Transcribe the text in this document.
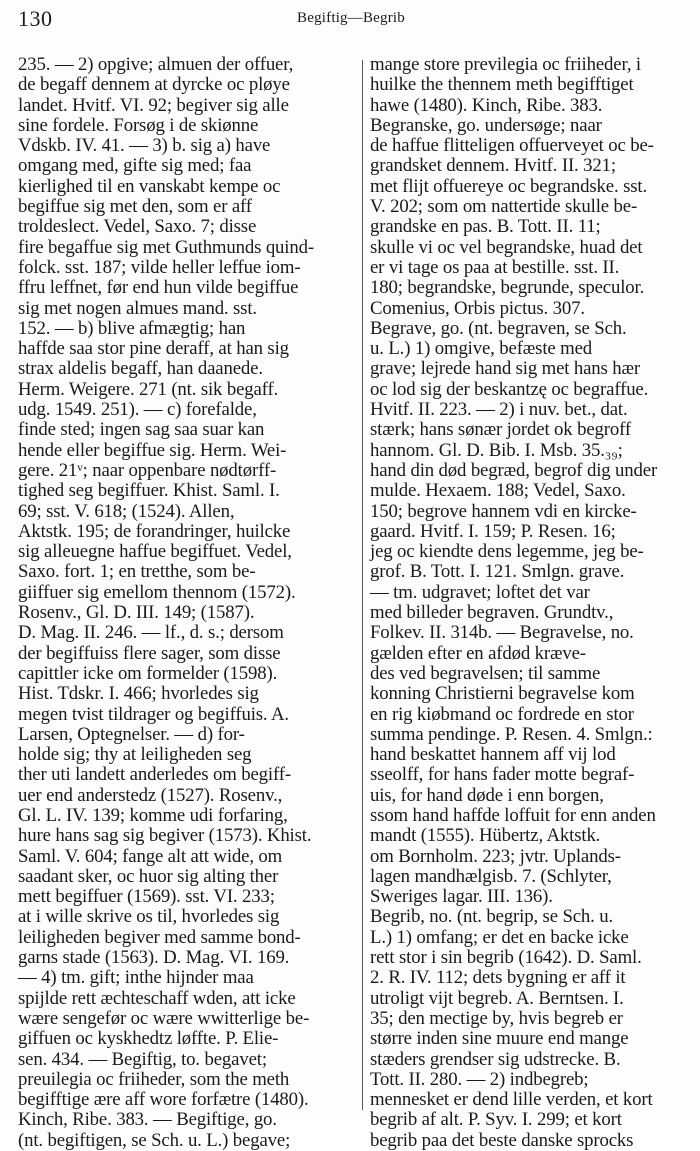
130	Begiftig—Begrib
235. — 2) opgive; almuen der offuer,
de begaff dennem at dyrcke oc pløye
landet. Hvitf. VI. 92; begiver sig alle
sine fordele. Forsøg i de skiønne
Vdskb. IV. 41. — 3) b. sig a) have
omgang med, gifte sig med; faa
kierlighed til en vanskabt kempe oc
begiffue sig met den, som er aff
troldeslect. Vedel, Saxo. 7; disse
fire begaffue sig met Guthmunds quind-
folck. sst. 187; vilde heller leffue iom-
ffru leffnet, før end hun vilde begiffue
sig met nogen almues mand. sst.
152. — b) blive afmægtig; han
haffde saa stor pine deraff, at han sig
strax aldelis begaff, han daanede.
Herm. Weigere. 271 (nt. sik begaff.
udg. 1549. 251). — c) forefalde,
finde sted; ingen sag saa suar kan
hende eller begiffue sig. Herm. Wei-
gere. 21ᵛ; naar oppenbare nødtørff-
tighed seg begiffuer. Khist. Saml. I.
69; sst. V. 618; (1524). Allen,
Aktstk. 195; de forandringer, huilcke
sig alleuegne haffue begiffuet. Vedel,
Saxo. fort. 1; en tretthe, som be-
giiffuer sig emellom thennom (1572).
Rosenv., Gl. D. III. 149; (1587).
D. Mag. II. 246. — lf., d. s.; dersom
der begiffuiss flere sager, som disse
capittler icke om formelder (1598).
Hist. Tdskr. I. 466; hvorledes sig
megen tvist tildrager og begiffuis. A.
Larsen, Optegnelser. — d) for-
holde sig; thy at leiligheden seg
ther uti landett anderledes om begiff-
uer end anderstedz (1527). Rosenv.,
Gl. L. IV. 139; komme udi forfaring,
hure hans sag sig begiver (1573). Khist.
Saml. V. 604; fange alt att wide, om
saadant sker, oc huor sig alting ther
mett begiffuer (1569). sst. VI. 233;
at i wille skrive os til, hvorledes sig
leiligheden begiver med samme bond-
garns stade (1563). D. Mag. VI. 169.
— 4) tm. gift; inthe hijnder maa
spijlde rett æchteschaff wden, att icke
wære sengefør oc wære wwitterlige be-
giffuen oc kyskhedtz løffte. P. Elie-
sen. 434. — Begiftig, to. begavet;
preuilegia oc friiheder, som the meth
begifftige ære aff wore forfætre (1480).
Kinch, Ribe. 383. — Begiftige, go.
(nt. begiftigen, se Sch. u. L.) begave;
mange store previlegia oc friiheder, i
huilke the thennem meth begifftiget
hawe (1480). Kinch, Ribe. 383.
Begranske, go. undersøge; naar
de haffue flitteligen offuerveyet oc be-
grandsket dennem. Hvitf. II. 321;
met flijt offuereye oc begrandske. sst.
V. 202; som om nattertide skulle be-
grandske en pas. B. Tott. II. 11;
skulle vi oc vel begrandske, huad det
er vi tage os paa at bestille. sst. II.
180; begrandske, begrunde, speculor.
Comenius, Orbis pictus. 307.
Begrave, go. (nt. begraven, se Sch.
u. L.) 1) omgive, befæste med
grave; lejrede hand sig met hans hær
oc lod sig der beskantzę oc begraffue.
Hvitf. II. 223. — 2) i nuv. bet., dat.
stærk; hans sønær jordet ok begroff
hannom. Gl. D. Bib. I. Msb. 35.₃₉;
hand din død begræd, begrof dig under
mulde. Hexaem. 188; Vedel, Saxo.
150; begrove hannem vdi en kircke-
gaard. Hvitf. I. 159; P. Resen. 16;
jeg oc kiendte dens legemme, jeg be-
grof. B. Tott. I. 121. Smlgn. grave.
— tm. udgravet; loftet det var
med billeder begraven. Grundtv.,
Folkev. II. 314b. — Begravelse, no.
gælden efter en afdød kræve-
des ved begravelsen; til samme
konning Christierni begravelse kom
en rig kiøbmand oc fordrede en stor
summa pendinge. P. Resen. 4. Smlgn.:
hand beskattet hannem aff vij lod
sseolff, for hans fader motte begraf-
uis, for hand døde i enn borgen,
ssom hand haffde loffuit for enn anden
mandt (1555). Hübertz, Aktstk.
om Bornholm. 223; jvtr. Uplands-
lagen mandhælgisb. 7. (Schlyter,
Sweriges lagar. III. 136).
Begrib, no. (nt. begrip, se Sch. u.
L.) 1) omfang; er det en backe icke
rett stor i sin begrib (1642). D. Saml.
2. R. IV. 112; dets bygning er aff it
utroligt vijt begreb. A. Berntsen. I.
35; den mectige by, hvis begreb er
større inden sine muure end mange
stæders grendser sig udstrecke. B.
Tott. II. 280. — 2) indbegreb;
mennesket er dend lille verden, et kort
begrib af alt. P. Syv. I. 299; et kort
begrib paa det beste danske sprocks
